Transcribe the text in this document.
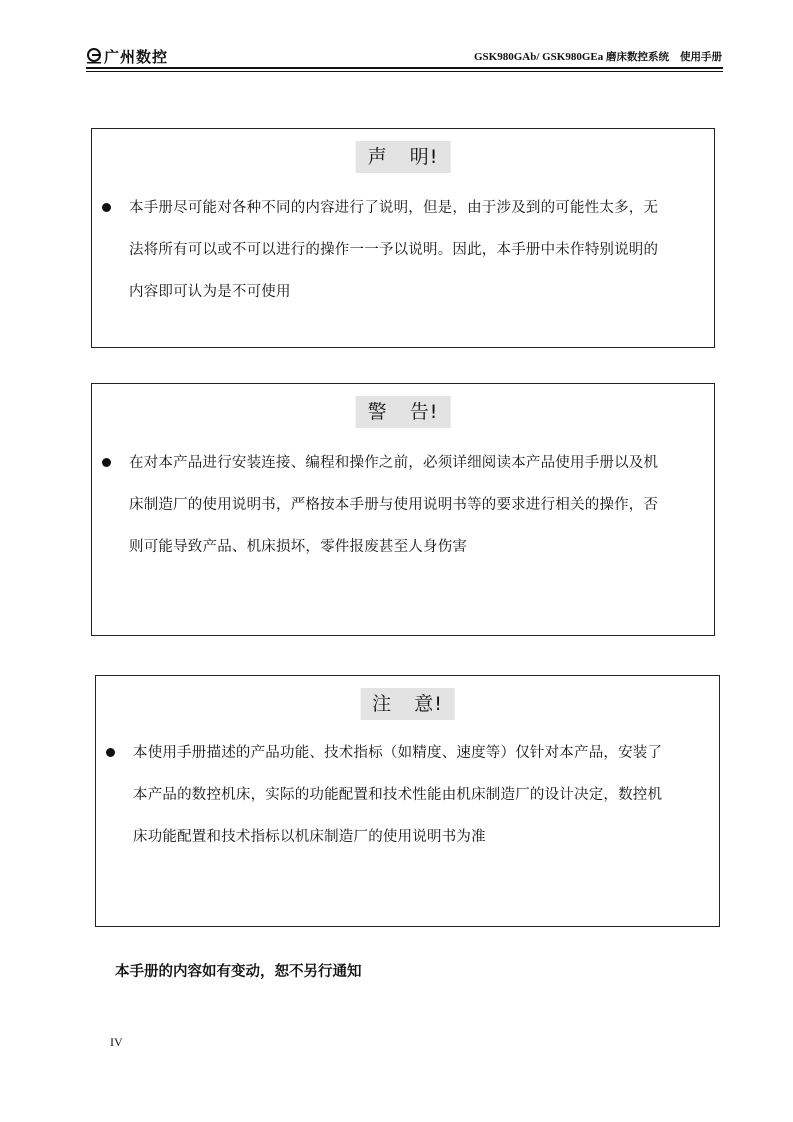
广州数控	GSK980GAb/ GSK980GEa 磨床数控系统 使用手册
声 明!
本手册尽可能对各种不同的内容进行了说明，但是，由于涉及到的可能性太多，无
法将所有可以或不可以进行的操作一一予以说明。因此，本手册中未作特别说明的
内容即可认为是不可使用
警 告!
在对本产品进行安装连接、编程和操作之前，必须详细阅读本产品使用手册以及机
床制造厂的使用说明书，严格按本手册与使用说明书等的要求进行相关的操作，否
则可能导致产品、机床损坏，零件报废甚至人身伤害
注 意!
本使用手册描述的产品功能、技术指标（如精度、速度等）仅针对本产品，安装了
本产品的数控机床，实际的功能配置和技术性能由机床制造厂的设计决定，数控机
床功能配置和技术指标以机床制造厂的使用说明书为准
本手册的内容如有变动，恕不另行通知
IV
